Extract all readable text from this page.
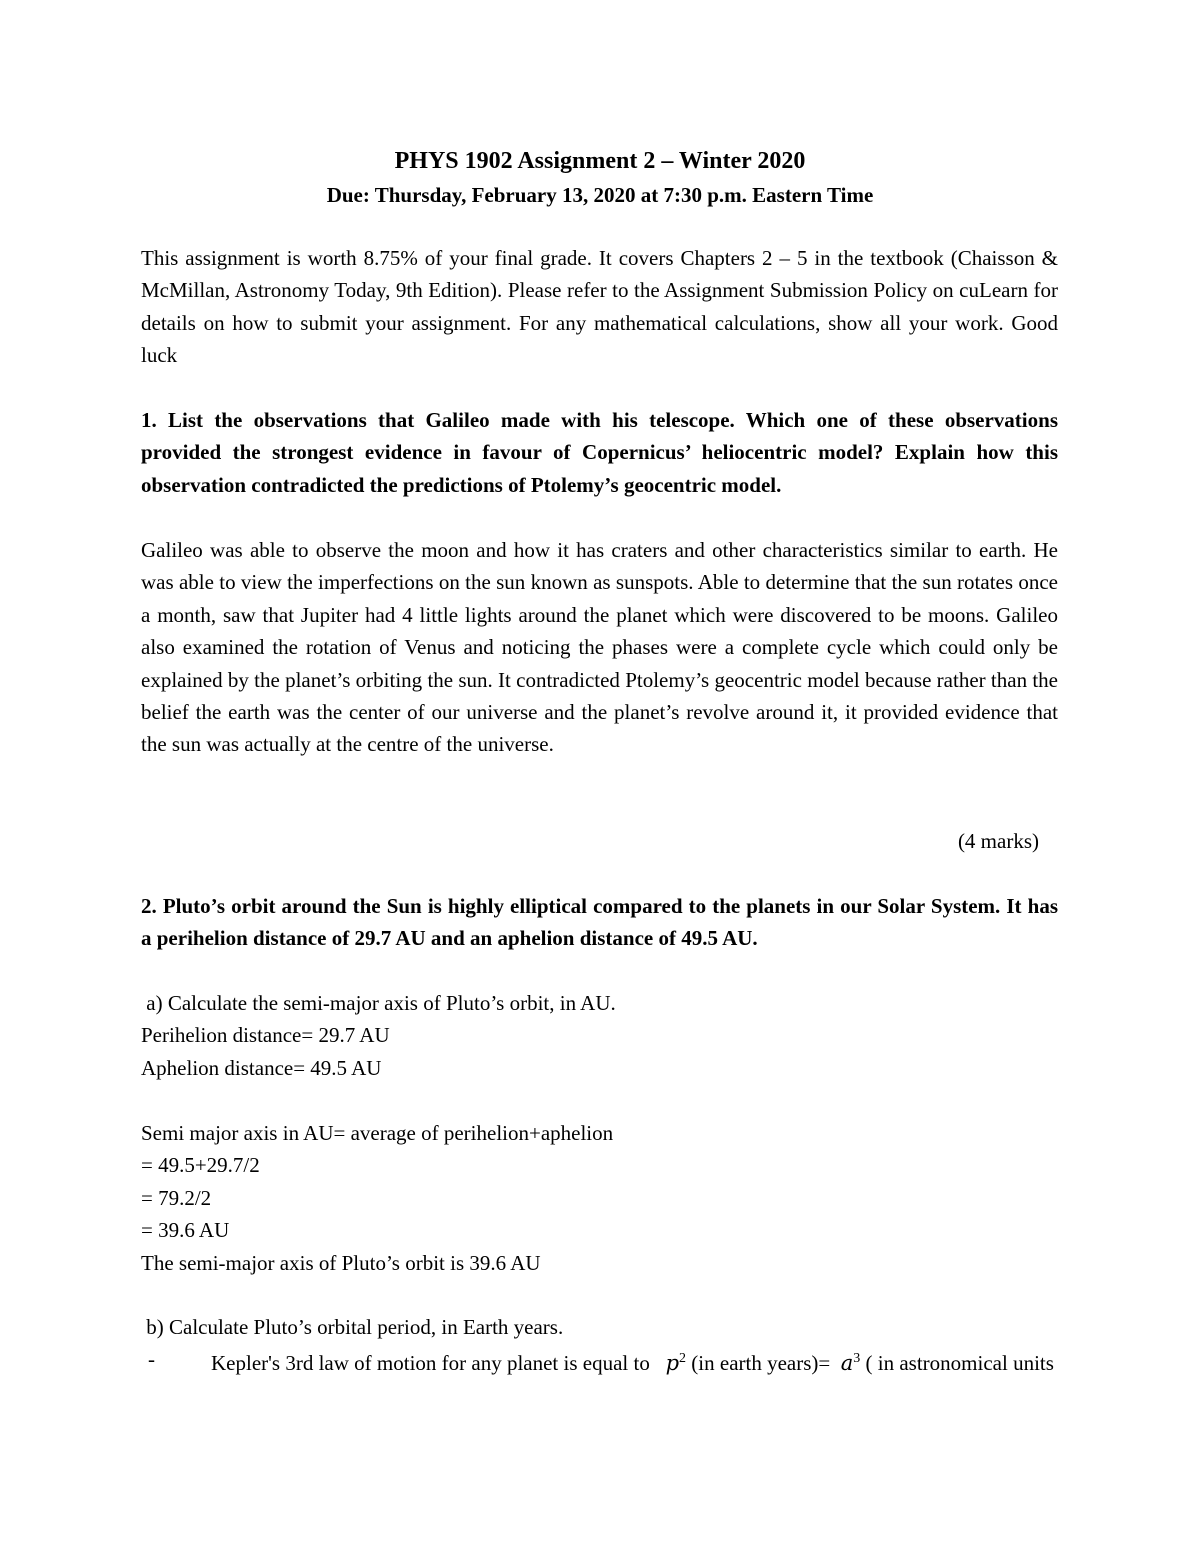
PHYS 1902 Assignment 2 – Winter 2020
Due: Thursday, February 13, 2020 at 7:30 p.m. Eastern Time

This assignment is worth 8.75% of your final grade. It covers Chapters 2 – 5 in the textbook (Chaisson & McMillan, Astronomy Today, 9th Edition). Please refer to the Assignment Submission Policy on cuLearn for details on how to submit your assignment. For any mathematical calculations, show all your work. Good luck

1. List the observations that Galileo made with his telescope. Which one of these observations provided the strongest evidence in favour of Copernicus’ heliocentric model? Explain how this observation contradicted the predictions of Ptolemy’s geocentric model.

Galileo was able to observe the moon and how it has craters and other characteristics similar to earth. He was able to view the imperfections on the sun known as sunspots. Able to determine that the sun rotates once a month, saw that Jupiter had 4 little lights around the planet which were discovered to be moons. Galileo also examined the rotation of Venus and noticing the phases were a complete cycle which could only be explained by the planet’s orbiting the sun. It contradicted Ptolemy’s geocentric model because rather than the belief the earth was the center of our universe and the planet’s revolve around it, it provided evidence that the sun was actually at the centre of the universe.

(4 marks)

2. Pluto’s orbit around the Sun is highly elliptical compared to the planets in our Solar System. It has a perihelion distance of 29.7 AU and an aphelion distance of 49.5 AU.

a) Calculate the semi-major axis of Pluto’s orbit, in AU.
Perihelion distance= 29.7 AU
Aphelion distance= 49.5 AU
Semi major axis in AU= average of perihelion+aphelion
= 49.5+29.7/2
= 79.2/2
= 39.6 AU
The semi-major axis of Pluto’s orbit is 39.6 AU
b) Calculate Pluto’s orbital period, in Earth years.
-	Kepler's 3rd law of motion for any planet is equal to $p^2$ (in earth years)= $a^3$ ( in astronomical units
